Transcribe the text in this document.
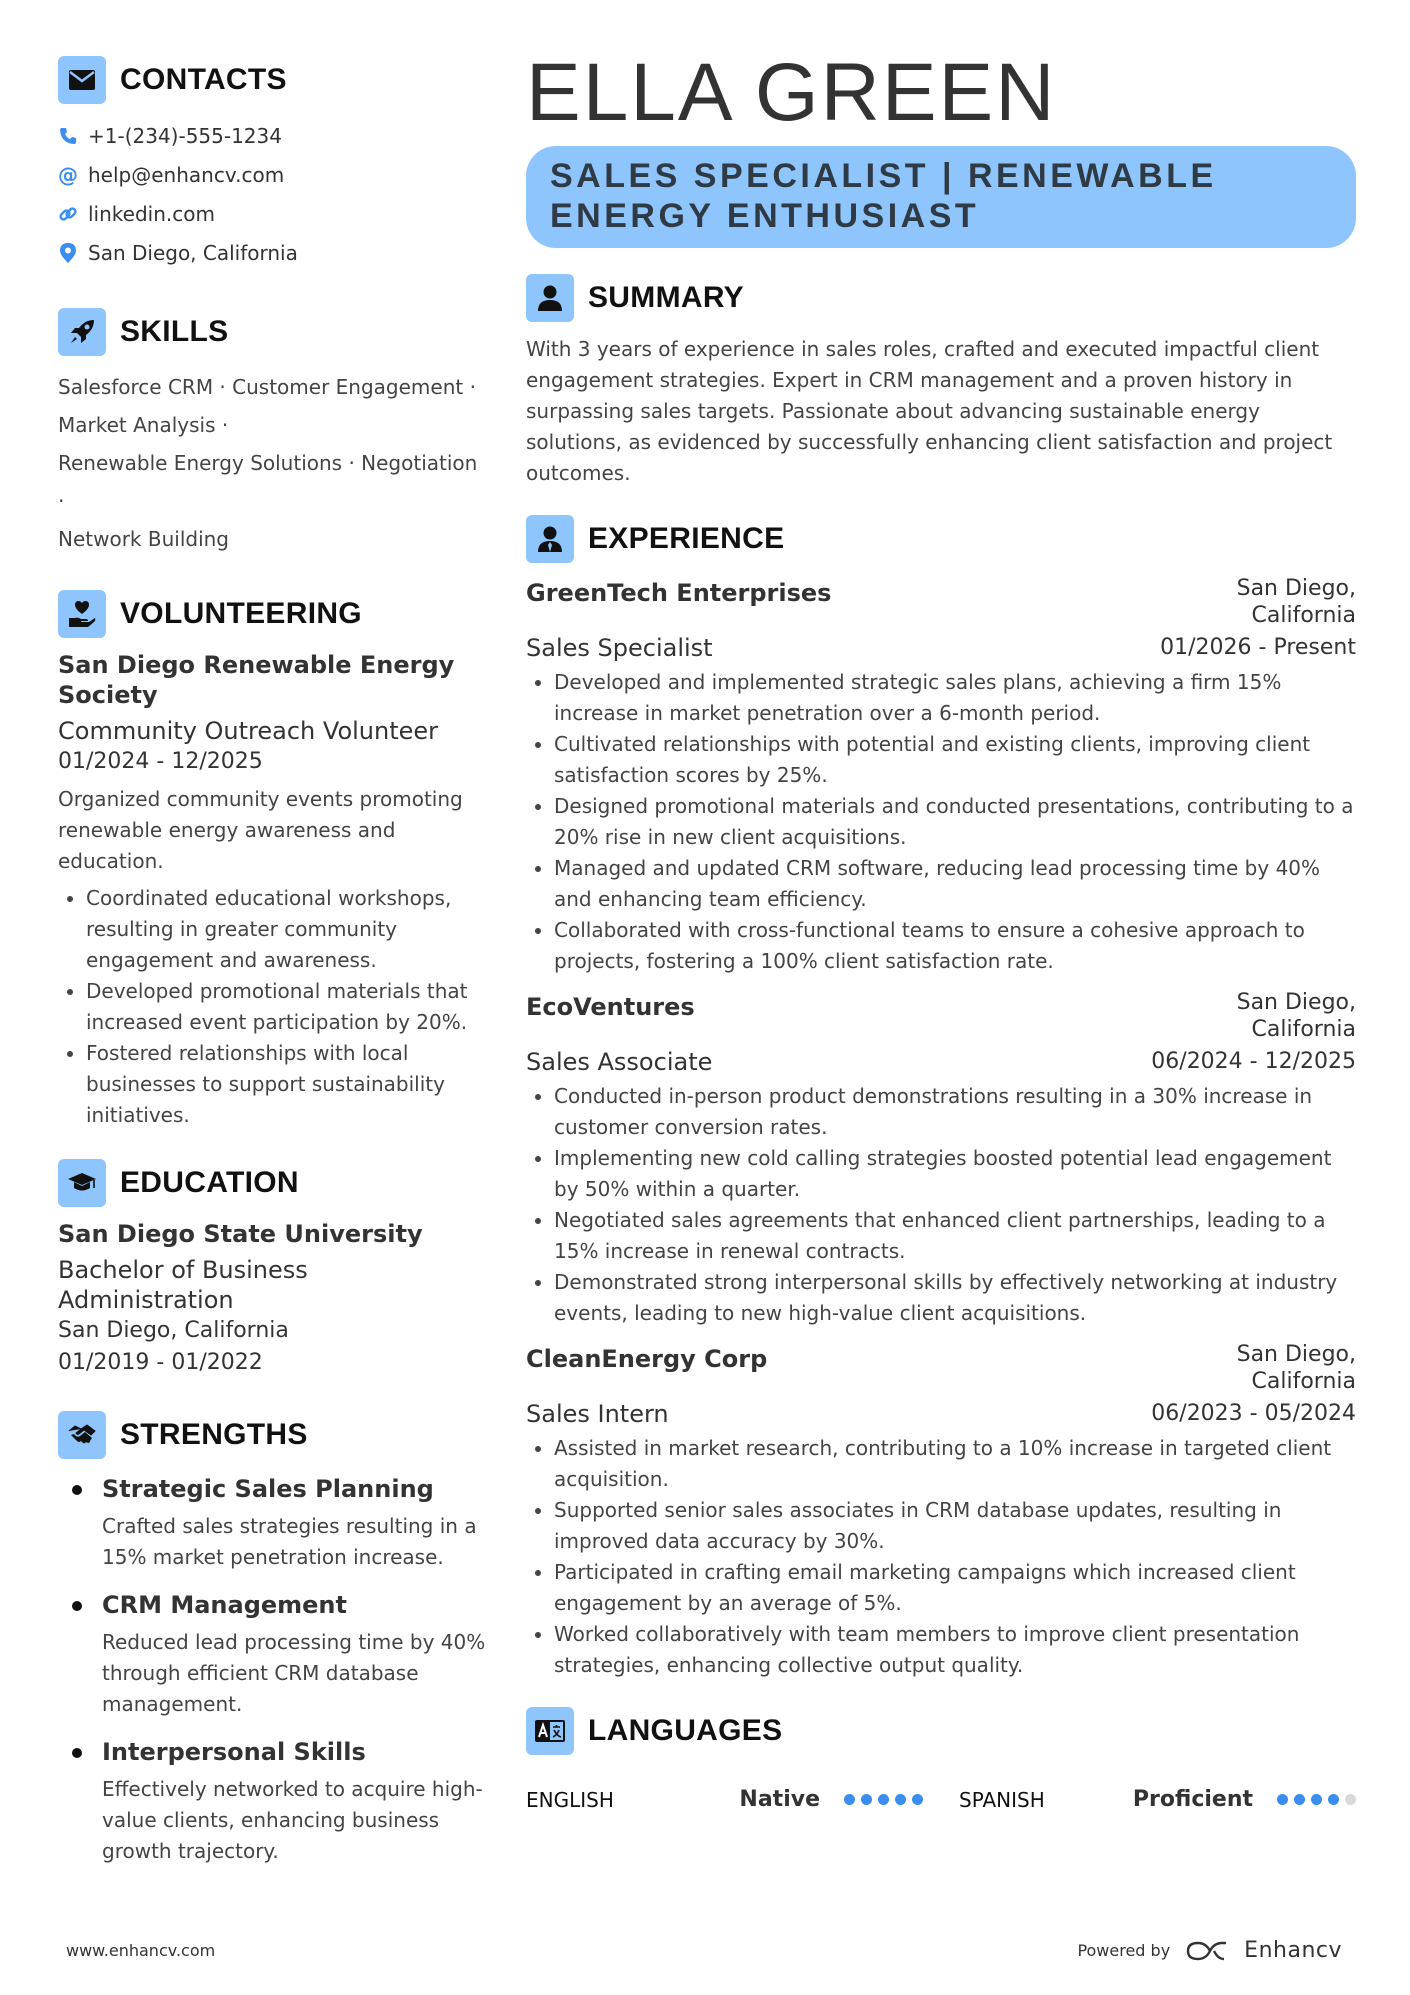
CONTACTS
+1-(234)-555-1234
@ help@enhancv.com
linkedin.com
San Diego, California
SKILLS
Salesforce CRM · Customer Engagement ·
Market Analysis ·
Renewable Energy Solutions · Negotiation ·
Network Building
VOLUNTEERING
San Diego Renewable Energy Society
Community Outreach Volunteer
01/2024 - 12/2025
Organized community events promoting renewable energy awareness and education.
• Coordinated educational workshops, resulting in greater community engagement and awareness.
• Developed promotional materials that increased event participation by 20%.
• Fostered relationships with local businesses to support sustainability initiatives.
EDUCATION
San Diego State University
Bachelor of Business Administration
San Diego, California
01/2019 - 01/2022
STRENGTHS
Strategic Sales Planning
Crafted sales strategies resulting in a 15% market penetration increase.
CRM Management
Reduced lead processing time by 40% through efficient CRM database management.
Interpersonal Skills
Effectively networked to acquire high-value clients, enhancing business growth trajectory.
ELLA GREEN
SALES SPECIALIST | RENEWABLE ENERGY ENTHUSIAST
SUMMARY
With 3 years of experience in sales roles, crafted and executed impactful client engagement strategies. Expert in CRM management and a proven history in surpassing sales targets. Passionate about advancing sustainable energy solutions, as evidenced by successfully enhancing client satisfaction and project outcomes.
EXPERIENCE
GreenTech Enterprises	San Diego,
California
Sales Specialist	01/2026 - Present
• Developed and implemented strategic sales plans, achieving a firm 15% increase in market penetration over a 6-month period.
• Cultivated relationships with potential and existing clients, improving client satisfaction scores by 25%.
• Designed promotional materials and conducted presentations, contributing to a 20% rise in new client acquisitions.
• Managed and updated CRM software, reducing lead processing time by 40% and enhancing team efficiency.
• Collaborated with cross-functional teams to ensure a cohesive approach to projects, fostering a 100% client satisfaction rate.
EcoVentures	San Diego,
California
Sales Associate	06/2024 - 12/2025
• Conducted in-person product demonstrations resulting in a 30% increase in customer conversion rates.
• Implementing new cold calling strategies boosted potential lead engagement by 50% within a quarter.
• Negotiated sales agreements that enhanced client partnerships, leading to a 15% increase in renewal contracts.
• Demonstrated strong interpersonal skills by effectively networking at industry events, leading to new high-value client acquisitions.
CleanEnergy Corp	San Diego,
California
Sales Intern	06/2023 - 05/2024
• Assisted in market research, contributing to a 10% increase in targeted client acquisition.
• Supported senior sales associates in CRM database updates, resulting in improved data accuracy by 30%.
• Participated in crafting email marketing campaigns which increased client engagement by an average of 5%.
• Worked collaboratively with team members to improve client presentation strategies, enhancing collective output quality.
LANGUAGES
ENGLISH	Native	SPANISH	Proficient
www.enhancv.com	Powered by	Enhancv
